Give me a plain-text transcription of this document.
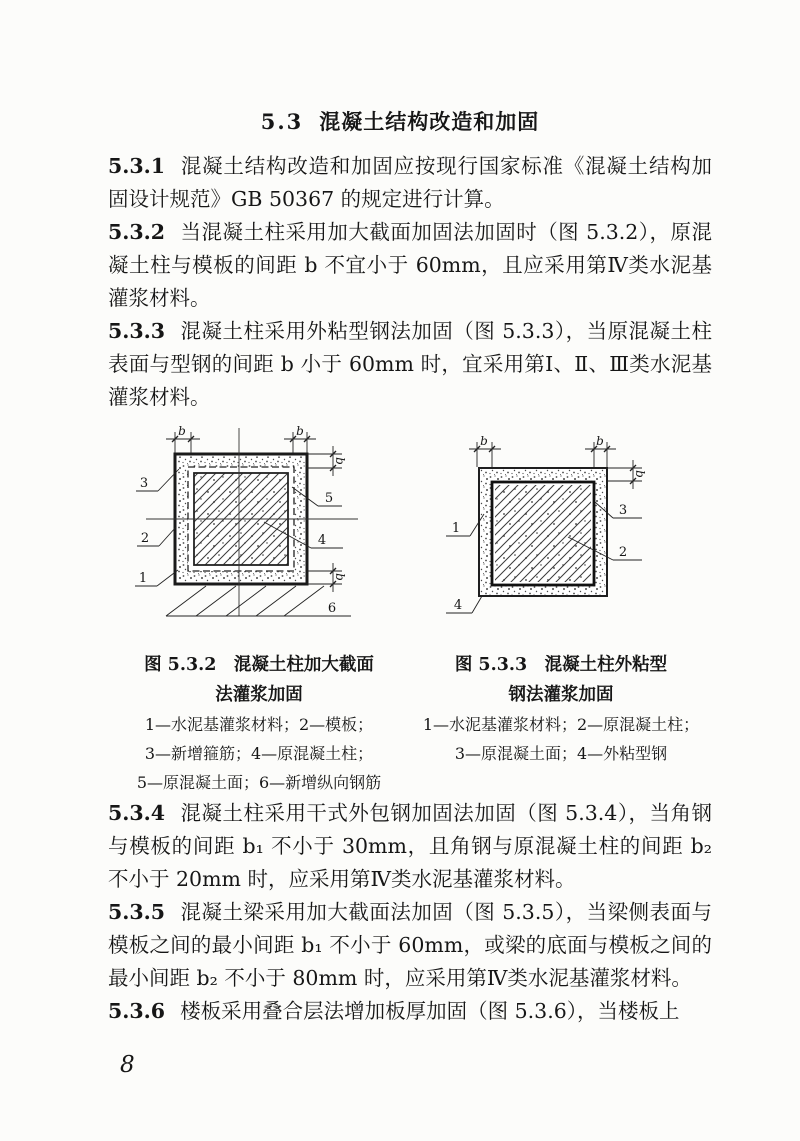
5.3 混凝土结构改造和加固

5.3.1 混凝土结构改造和加固应按现行国家标准《混凝土结构加固设计规范》GB 50367 的规定进行计算。

5.3.2 当混凝土柱采用加大截面加固法加固时（图 5.3.2），原混凝土柱与模板的间距 b 不宜小于 60mm，且应采用第Ⅳ类水泥基灌浆材料。

5.3.3 混凝土柱采用外粘型钢法加固（图 5.3.3），当原混凝土柱表面与型钢的间距 b 小于 60mm 时，宜采用第Ⅰ、Ⅱ、Ⅲ类水泥基灌浆材料。

b	b
b
b
3
2
1
5
4
6
b	b
b
1
3
2
4
图 5.3.2　混凝土柱加大截面
法灌浆加固
1—水泥基灌浆材料；2—模板；
3—新增箍筋；4—原混凝土柱；
5—原混凝土面；6—新增纵向钢筋
图 5.3.3　混凝土柱外粘型
钢法灌浆加固
1—水泥基灌浆材料；2—原混凝土柱；
3—原混凝土面；4—外粘型钢

5.3.4 混凝土柱采用干式外包钢加固法加固（图 5.3.4），当角钢与模板的间距 b₁ 不小于 30mm，且角钢与原混凝土柱的间距 b₂ 不小于 20mm 时，应采用第Ⅳ类水泥基灌浆材料。

5.3.5 混凝土梁采用加大截面法加固（图 5.3.5），当梁侧表面与模板之间的最小间距 b₁ 不小于 60mm，或梁的底面与模板之间的最小间距 b₂ 不小于 80mm 时，应采用第Ⅳ类水泥基灌浆材料。

5.3.6 楼板采用叠合层法增加板厚加固（图 5.3.6），当楼板上

8
